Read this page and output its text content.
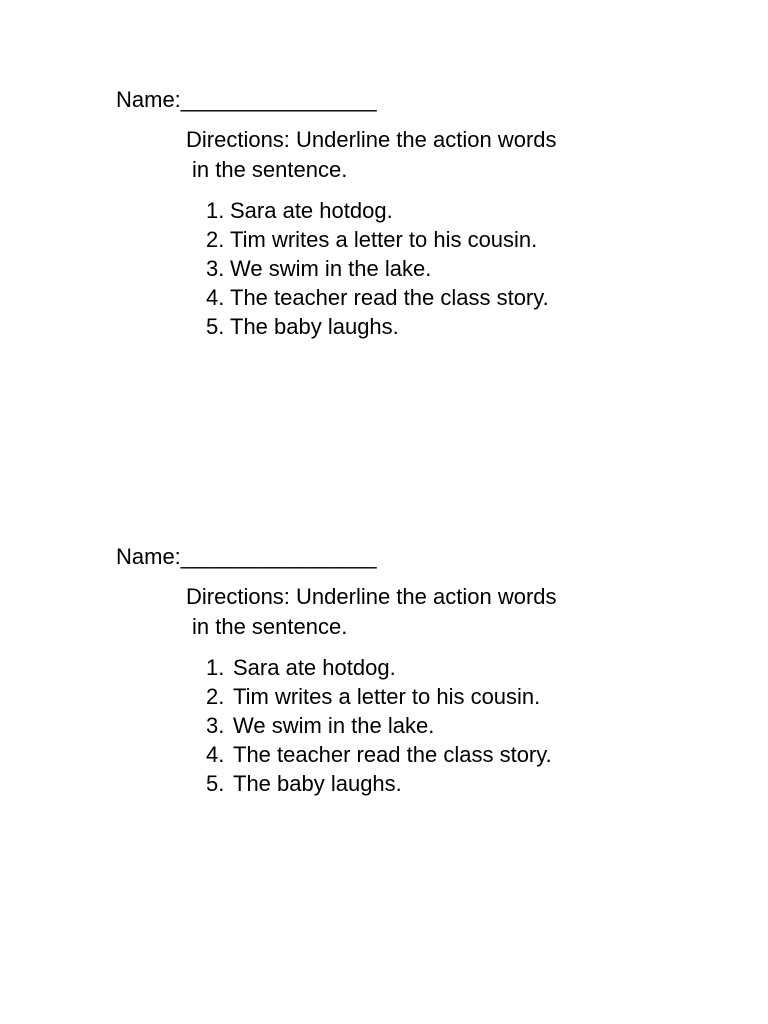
Name:________________
Directions: Underline the action words
in the sentence.
1. Sara ate hotdog.
2. Tim writes a letter to his cousin.
3. We swim in the lake.
4. The teacher read the class story.
5. The baby laughs.
Name:________________
Directions: Underline the action words
in the sentence.
1. Sara ate hotdog.
2. Tim writes a letter to his cousin.
3. We swim in the lake.
4. The teacher read the class story.
5. The baby laughs.
